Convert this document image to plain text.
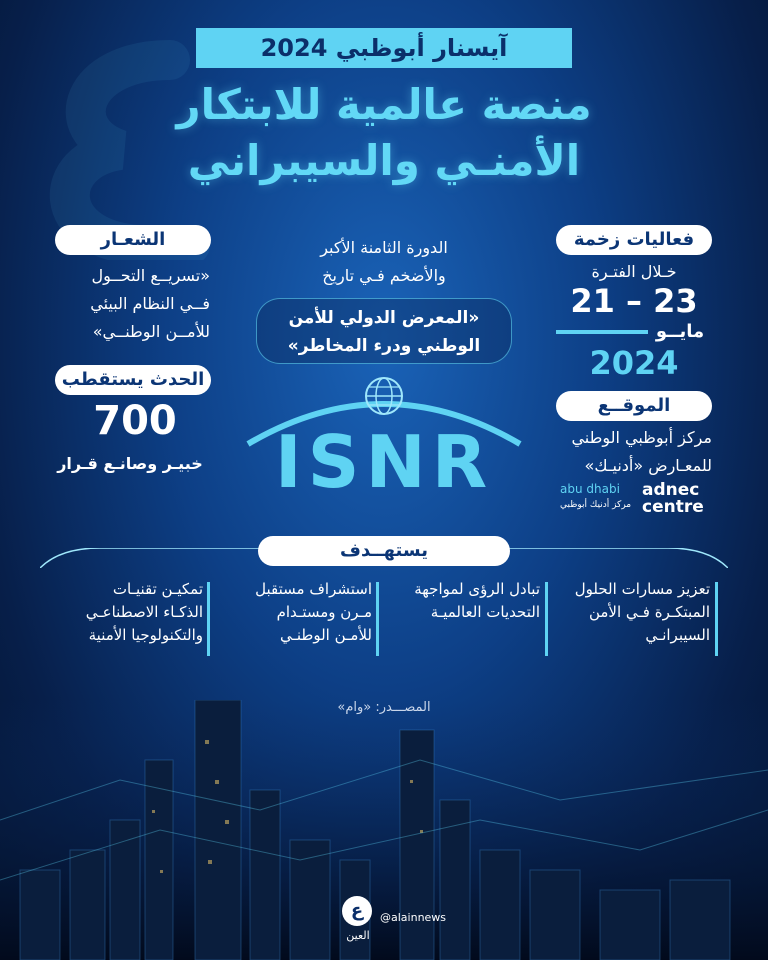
آيسنار أبوظبي 2024
منصة عالمية للابتكار
الأمنـي والسيبراني
الشعـار
«تسريــع التحــول
فــي النظام البيئي
للأمــن الوطنــي»
الحدث يستقطب
700
خبيـر وصانـع قـرار
الدورة الثامنة الأكبر
والأضخم فـي تاريخ
«المعرض الدولي للأمن
الوطني ودرء المخاطر»
ISNR
فعاليات زخمة
خـلال الفتـرة
21 – 23
مايــو
2024
الموقــع
مركز أبوظبي الوطني
للمعـارض «أدنيـك»
abu dhabi
مركز أدنيك أبوظبي
adnec
centre
يستهــدف
تعزيز مسارات الحلول
المبتكـرة فـي الأمن
السيبرانـي
تبادل الرؤى لمواجهة
التحديات العالميـة
استشراف مستقبل
مـرن ومستـدام
للأمـن الوطنـي
تمكيـن تقنيـات
الذكـاء الاصطناعـي
والتكنولوجيا الأمنية
المصـــدر: «وام»
ع
العين
@alainnews
